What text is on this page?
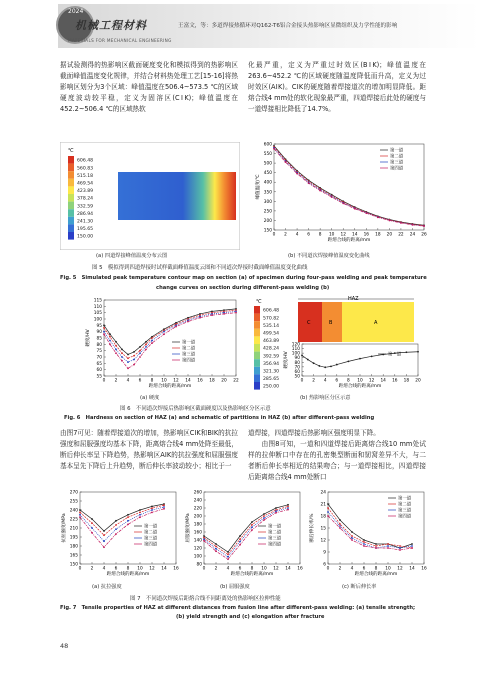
2024
机械工程材料
MATERIALS FOR MECHANICAL ENGINEERING
王富文，等：多道焊接热循环对Q162-T6铝合金接头热影响区显微组织及力学性能的影响
据试验测得的热影响区截面硬度变化和模拟得到的热影响区截面峰值温度变化规律，并结合材料热处理工艺[15-16]将热影响区划分为3个区域：峰值温度在506.4~573.5 ℃的区域硬度波动较平稳，定义为固溶区(CⅠK)；峰值温度在452.2~506.4 ℃的区域热软
化最严重，定义为严重过时效区(BⅠK)；峰值温度在263.6~452.2 ℃的区域硬度随温度降低而升高，定义为过时效区(AⅠK)。CⅠK的硬度随着焊接道次的增加明显降低。距熔合线4 mm处的软化现象最严重，四道焊接后此处的硬度与一道焊接相比降低了14.7%。
606.48
560.83
515.18
469.54
423.89
378.24
332.59
286.94
241.30
195.65
150.00
℃
150
200
250
300
350
400
450
500
550
600
0 2 4 6 8 10 12 14 16 18 20 22 24 26
距熔合线的距离/mm
峰值温度/℃
第一道
第二道
第三道
第四道
(a) 四道焊接峰值温度分布云图	(b) 不同道次焊接峰值温度变化曲线
图 5　模拟得到四道焊接时试样截面峰值温度云图和不同道次焊接时截面峰值温度变化曲线
Fig. 5　Simulated peak temperature contour map on section (a) of specimen during four-pass welding and peak temperature
change curves on section during different-pass welding (b)
55
60
65
70
75
80
85
90
95
100
105
110
115
0 2 4 6 8 10 12 14 16 18 20 22
距熔合线的距离/mm
硬度/HV	第一道
第二道
第三道
第四道
606.48
570.82
535.14
499.54
463.89
428.24
392.59
356.94
321.30
285.65
250.00
℃	HAZ
C	B	A
50
60
70
80
90
100
110
120
0 2 4 6 8 10 12 14 16 18 20
距熔合线的距离/mm
硬度/HV	第一道
(a) 硬度	(b) 热影响区分区示意
图 6　不同道次焊接后热影响区截面硬度以及热影响区分区示意
Fig. 6　Hardness on section of HAZ (a) and schematic of partitions in HAZ (b) after different-pass welding
由图7可见：随着焊接道次的增加，热影响区CⅠK和BⅠK的抗拉强度和屈服强度均基本下降，距离熔合线4 mm处降至最低，断后伸长率呈下降趋势，热影响区AⅠK的抗拉强度和屈服强度基本呈先下降后上升趋势，断后伸长率波动较小；相比于一
道焊接，四道焊接后热影响区强度明显下降。
　　由图8可知，一道和四道焊接后距离熔合线10 mm处试样的拉伸断口中存在的孔密集型断面和韧窝差异不大，与二者断后伸长率相近的结果吻合；与一道焊接相比，四道焊接后距离熔合线4 mm处断口
150
165
180
195
210
225
240
255
270
0 2 4 6 8 10 12 14 16
距熔合线的距离/mm
抗拉强度/MPa	第一道
第二道
第三道
第四道
80
100
120
140
160
180
200
220
240
260
0 2 4 6 8 10 12 14 16
距熔合线的距离/mm
屈服强度/MPa	第一道
第二道
第三道
第四道
6
9
12
15
18
21
24
0 2 4 6 8 10 12 14 16
距熔合线的距离/mm
断后伸长率/%
第一道
第二道
第三道
第四道
(a) 抗拉强度	(b) 屈服强度	(c) 断后伸长率
图 7　不同道次焊接后距熔合线不同距离处的热影响区拉伸性能
Fig. 7　Tensile properties of HAZ at different distances from fusion line after different-pass welding: (a) tensile strength;
(b) yield strength and (c) elongation after fracture
48
